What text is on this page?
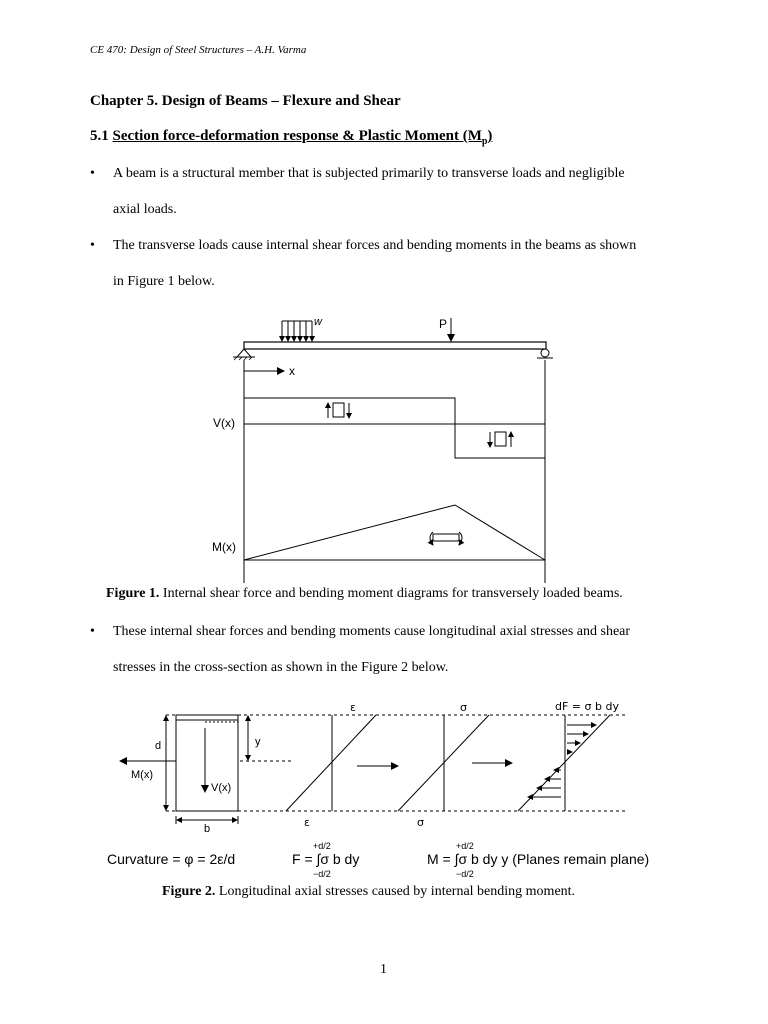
CE 470: Design of Steel Structures – A.H. Varma
Chapter 5. Design of Beams – Flexure and Shear
5.1 Section force-deformation response & Plastic Moment $(M_p)$
• A beam is a structural member that is subjected primarily to transverse loads and negligible
axial loads.
• The transverse loads cause internal shear forces and bending moments in the beams as shown
in Figure 1 below.
w	P
x
V(x)
M(x)
Figure 1. Internal shear force and bending moment diagrams for transversely loaded beams.
• These internal shear forces and bending moments cause longitudinal axial stresses and shear
stresses in the cross-section as shown in the Figure 2 below.
d	y
M(x)
V(x)
b
ε
ε
σ
σ
dF = σ b dy
Curvature = φ = 2ε/d
+d/2
F = ∫σ b dy
−d/2
+d/2
M = ∫σ b dy y (Planes remain plane)
−d/2
Figure 2. Longitudinal axial stresses caused by internal bending moment.
1
